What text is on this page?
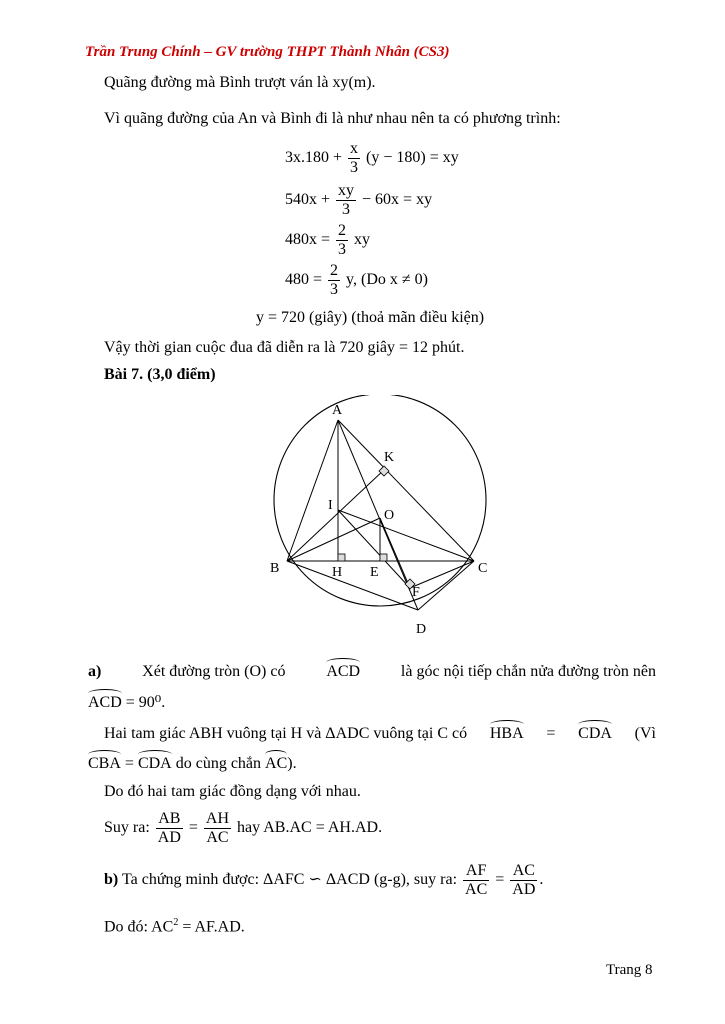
Trần Trung Chính – GV trường THPT Thành Nhân (CS3)
Quãng đường mà Bình trượt ván là xy(m).
Vì quãng đường của An và Bình đi là như nhau nên ta có phương trình:
$3x.180 + \frac{x}{3} (y - 180)$ = xy
$540x + \frac{xy}{3} - 60x$ = xy
$480x = \frac{2}{3}$ xy
$480 = \frac{2}{3} y$, (Do x ≠ 0)
y = 720 (giây) (thoả mãn điều kiện)
Vậy thời gian cuộc đua đã diễn ra là 720 giây = 12 phút.
Bài 7. (3,0 điểm)
A
K
I
O
B	H E	C
F
D
a)	Xét đường tròn (O) có	ACD	là góc nội tiếp chắn nửa đường tròn nên
ACD = 90⁰.
Hai tam giác ABH vuông tại H và ΔADC vuông tại C có HBA = CDA (Vì
CBA = CDA do cùng chắn AC).
Do đó hai tam giác đồng dạng với nhau.
Suy ra: $\frac{AB}{AD} = \frac{AH}{AC}$ hay AB.AC = AH.AD.
b) Ta chứng minh được: ΔAFC ∽ ΔACD (g-g), suy ra: $\frac{AF}{AC} = \frac{AC}{AD}$ .
Do đó: $AC^2 = AF.AD$.
Trang 8
